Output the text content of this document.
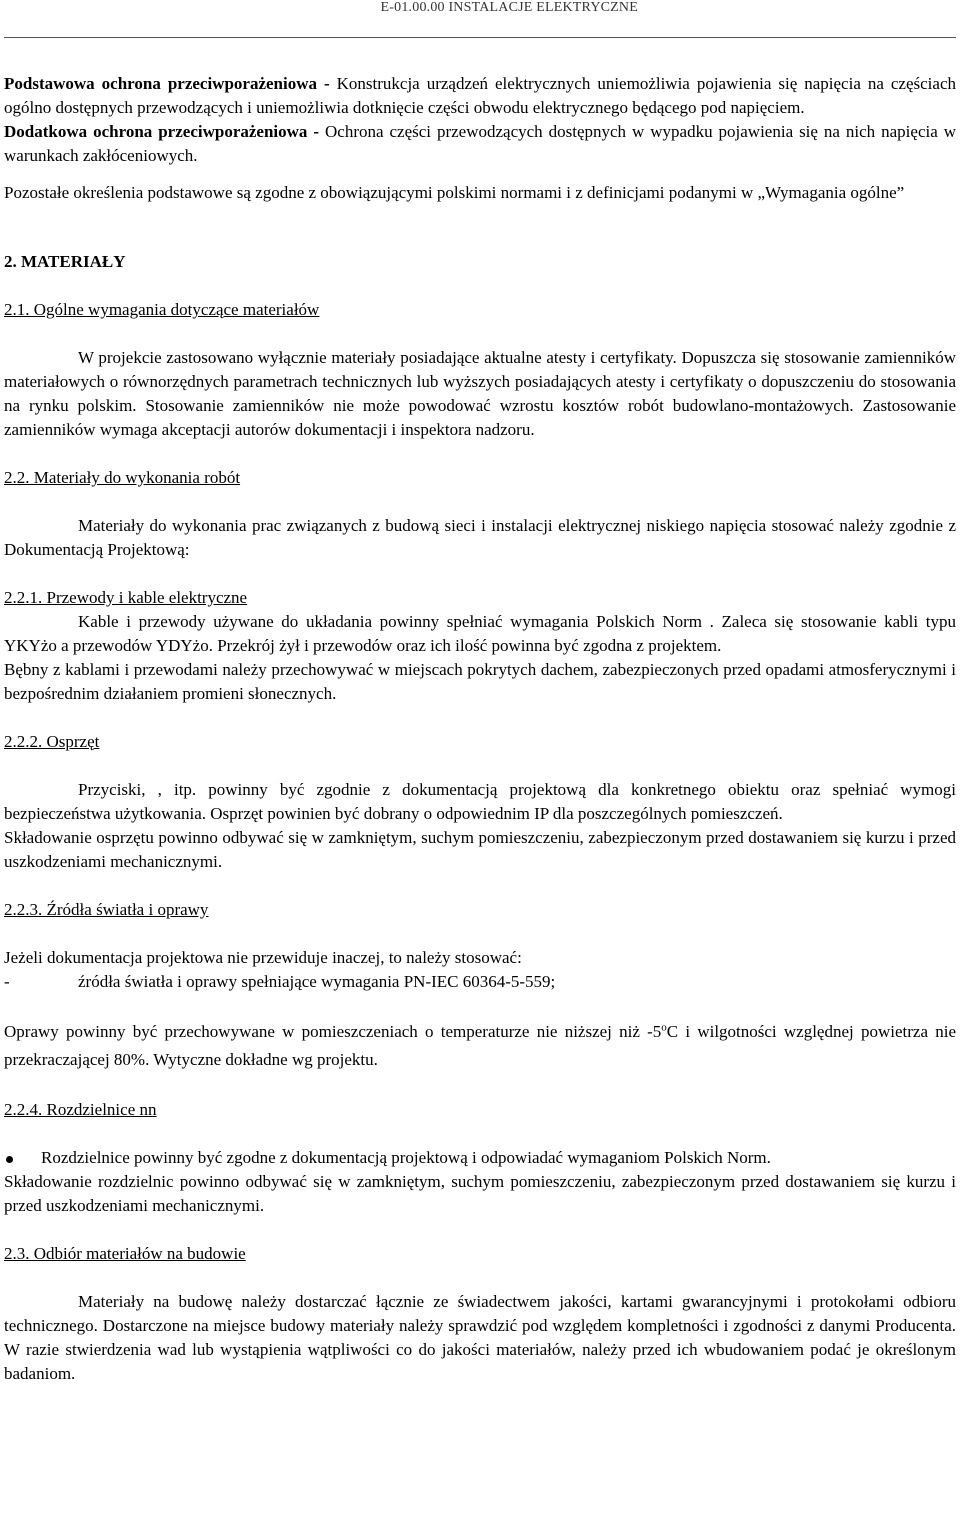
E-01.00.00 INSTALACJE ELEKTRYCZNE

Podstawowa ochrona przeciwporażeniowa - Konstrukcja urządzeń elektrycznych uniemożliwia pojawienia się napięcia na częściach ogólno dostępnych przewodzących i uniemożliwia dotknięcie części obwodu elektrycznego będącego pod napięciem.

Dodatkowa ochrona przeciwporażeniowa - Ochrona części przewodzących dostępnych w wypadku pojawienia się na nich napięcia w warunkach zakłóceniowych.

Pozostałe określenia podstawowe są zgodne z obowiązującymi polskimi normami i z definicjami podanymi w „Wymagania ogólne”

2. MATERIAŁY

2.1. Ogólne wymagania dotyczące materiałów

W projekcie zastosowano wyłącznie materiały posiadające aktualne atesty i certyfikaty. Dopuszcza się stosowanie zamienników materiałowych o równorzędnych parametrach technicznych lub wyższych posiadających atesty i certyfikaty o dopuszczeniu do stosowania na rynku polskim. Stosowanie zamienników nie może powodować wzrostu kosztów robót budowlano-montażowych. Zastosowanie zamienników wymaga akceptacji autorów dokumentacji i inspektora nadzoru.

2.2. Materiały do wykonania robót

Materiały do wykonania prac związanych z budową sieci i instalacji elektrycznej niskiego napięcia stosować należy zgodnie z Dokumentacją Projektową:

2.2.1. Przewody i kable elektryczne

Kable i przewody używane do układania powinny spełniać wymagania Polskich Norm . Zaleca się stosowanie kabli typu YKYżo a przewodów YDYżo. Przekrój żył i przewodów oraz ich ilość powinna być zgodna z projektem.

Bębny z kablami i przewodami należy przechowywać w miejscach pokrytych dachem, zabezpieczonych przed opadami atmosferycznymi i bezpośrednim działaniem promieni słonecznych.

2.2.2. Osprzęt

Przyciski, , itp. powinny być zgodnie z dokumentacją projektową dla konkretnego obiektu oraz spełniać wymogi bezpieczeństwa użytkowania. Osprzęt powinien być dobrany o odpowiednim IP dla poszczególnych pomieszczeń.

Składowanie osprzętu powinno odbywać się w zamkniętym, suchym pomieszczeniu, zabezpieczonym przed dostawaniem się kurzu i przed uszkodzeniami mechanicznymi.

2.2.3. Źródła światła i oprawy

Jeżeli dokumentacja projektowa nie przewiduje inaczej, to należy stosować:

-	źródła światła i oprawy spełniające wymagania PN-IEC 60364-5-559;

Oprawy powinny być przechowywane w pomieszczeniach o temperaturze nie niższej niż -5$^o$C i wilgotności względnej powietrza nie przekraczającej 80%. Wytyczne dokładne wg projektu.

2.2.4. Rozdzielnice nn

Rozdzielnice powinny być zgodne z dokumentacją projektową i odpowiadać wymaganiom Polskich Norm.

Składowanie rozdzielnic powinno odbywać się w zamkniętym, suchym pomieszczeniu, zabezpieczonym przed dostawaniem się kurzu i przed uszkodzeniami mechanicznymi.

2.3. Odbiór materiałów na budowie

Materiały na budowę należy dostarczać łącznie ze świadectwem jakości, kartami gwarancyjnymi i protokołami odbioru technicznego. Dostarczone na miejsce budowy materiały należy sprawdzić pod względem kompletności i zgodności z danymi Producenta. W razie stwierdzenia wad lub wystąpienia wątpliwości co do jakości materiałów, należy przed ich wbudowaniem podać je określonym badaniom.
